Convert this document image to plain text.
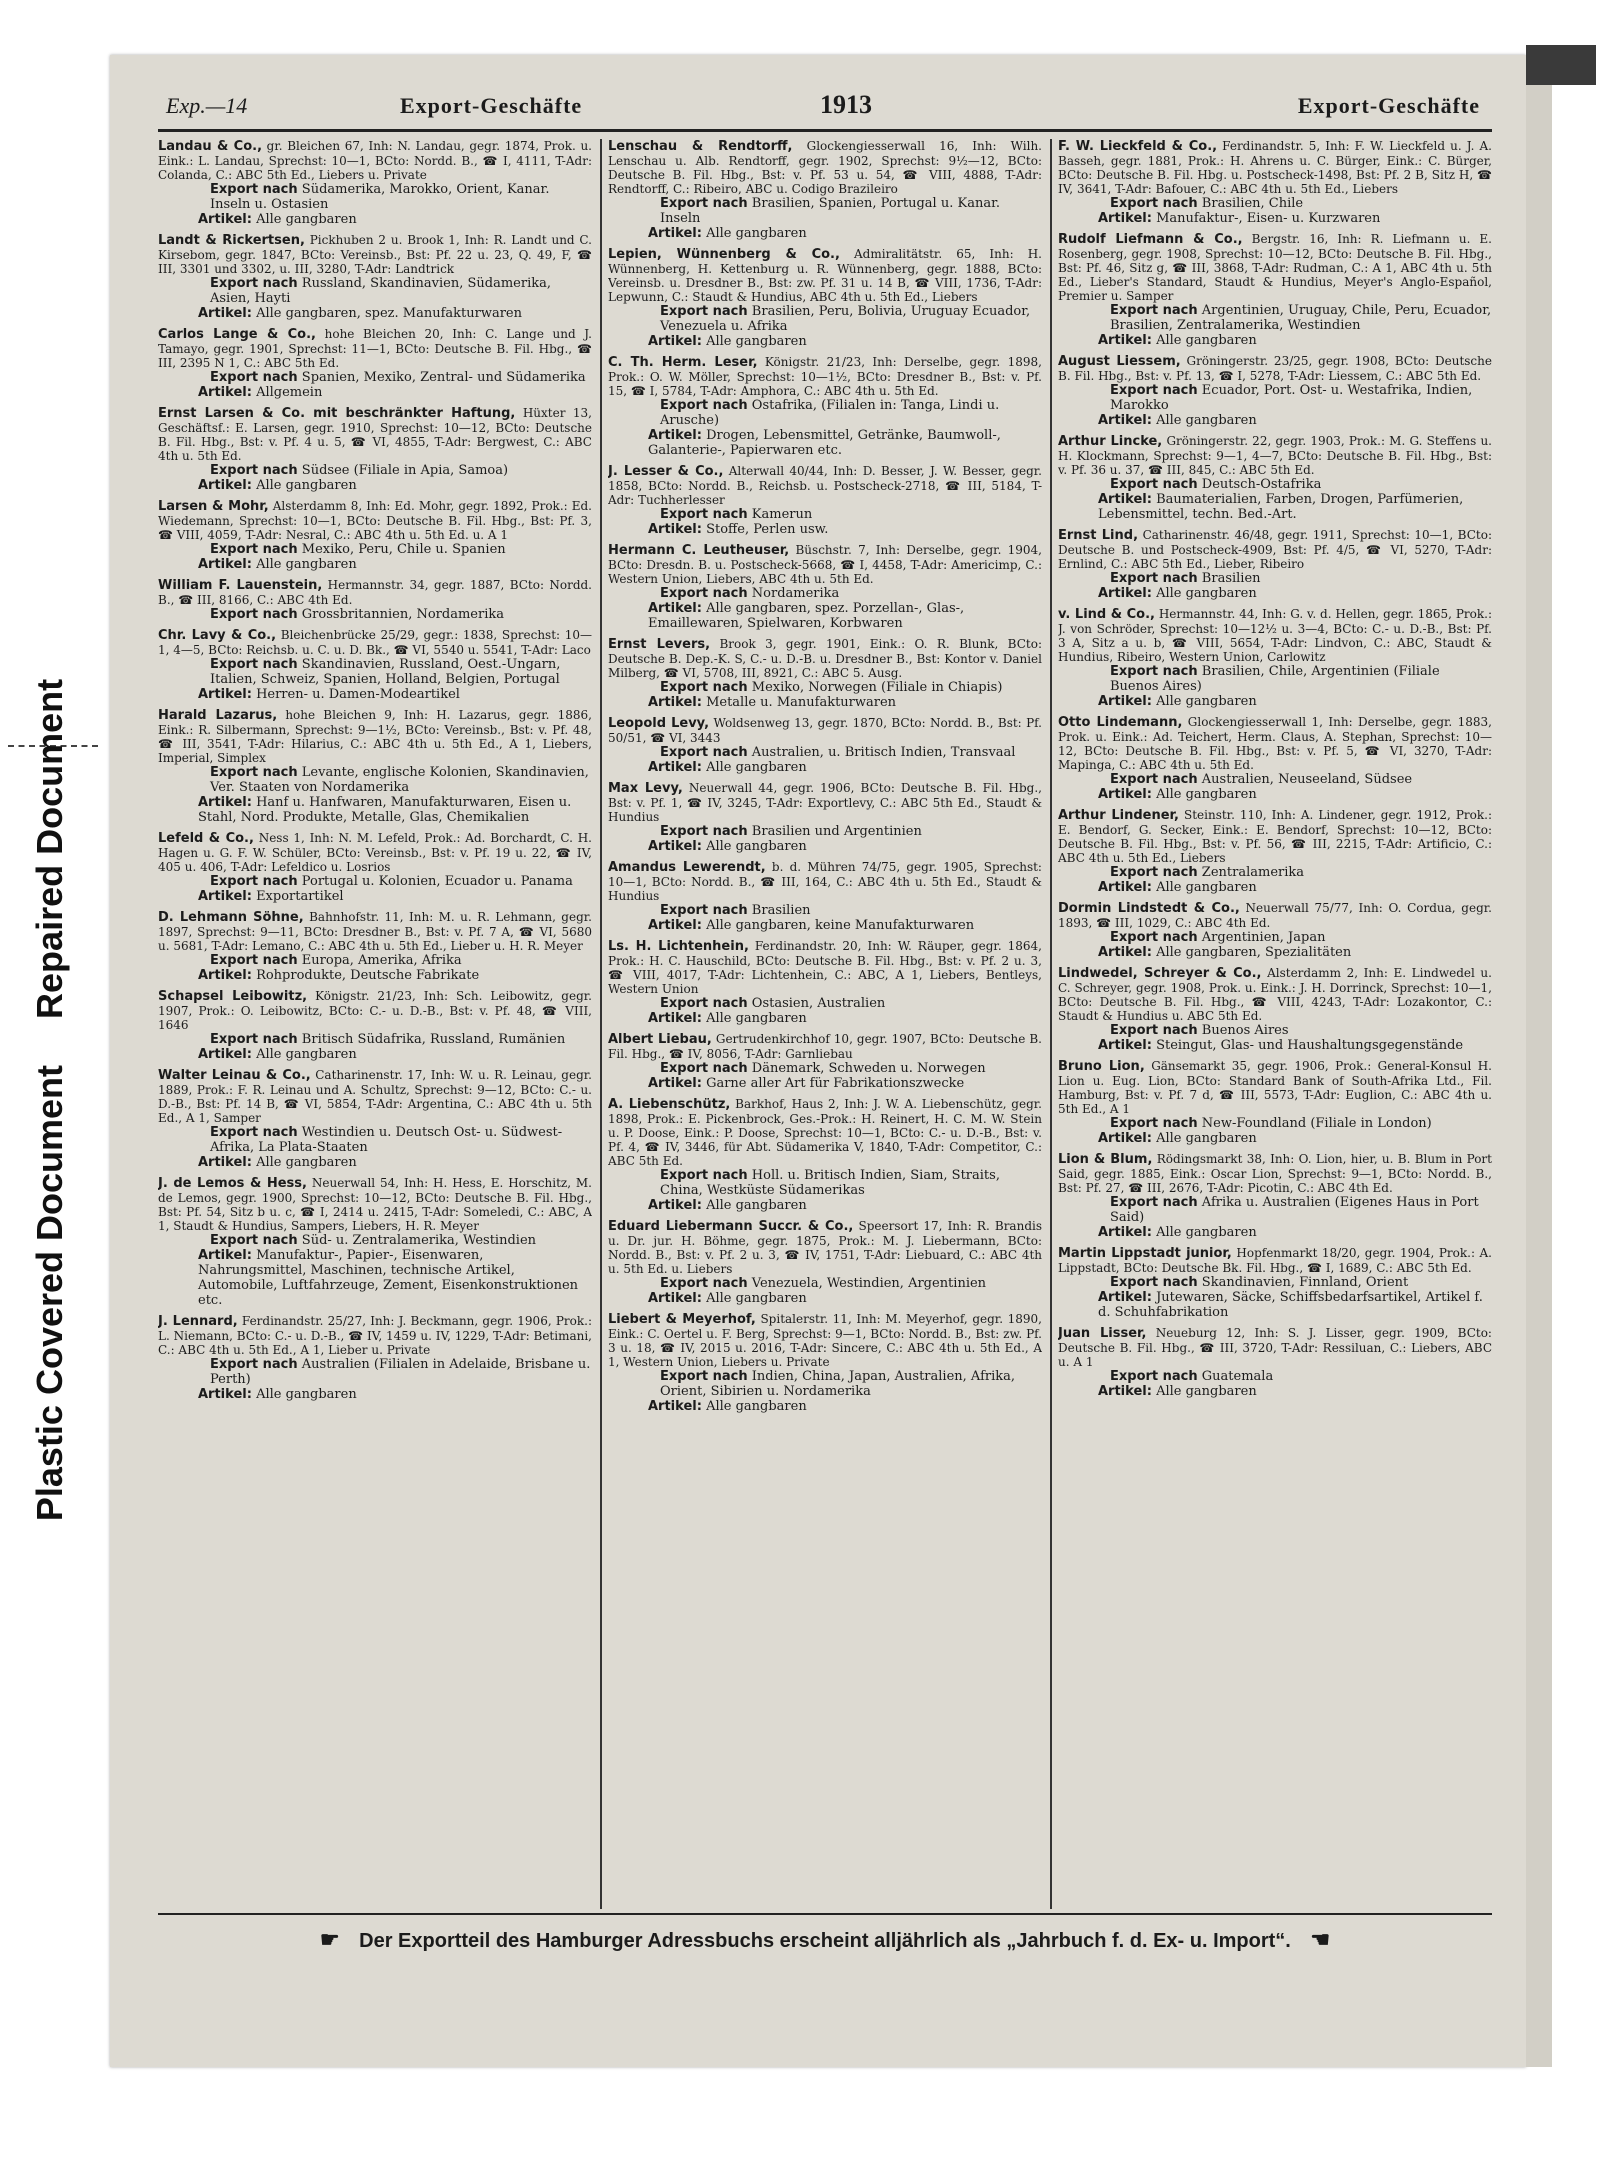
Plastic Covered Document Repaired Document
Exp.—14	Export-Geschäfte	1913	Export-Geschäfte
Landau & Co., gr. Bleichen 67, Inh: N. Landau, gegr. 1874, Prok. u. Eink.: L. Landau, Sprechst: 10—1, BCto: Nordd. B., ☎ I, 4111, T-Adr: Colanda, C.: ABC 5th Ed., Liebers u. Private
Export nach Südamerika, Marokko, Orient, Kanar. Inseln u. Ostasien
Artikel: Alle gangbaren
Landt & Rickertsen, Pickhuben 2 u. Brook 1, Inh: R. Landt und C. Kirsebom, gegr. 1847, BCto: Vereinsb., Bst: Pf. 22 u. 23, Q. 49, F, ☎ III, 3301 und 3302, u. III, 3280, T-Adr: Landtrick
Export nach Russland, Skandinavien, Südamerika, Asien, Hayti
Artikel: Alle gangbaren, spez. Manufakturwaren
Carlos Lange & Co., hohe Bleichen 20, Inh: C. Lange und J. Tamayo, gegr. 1901, Sprechst: 11—1, BCto: Deutsche B. Fil. Hbg., ☎ III, 2395 N 1, C.: ABC 5th Ed.
Export nach Spanien, Mexiko, Zentral- und Südamerika
Artikel: Allgemein
Ernst Larsen & Co. mit beschränkter Haftung, Hüxter 13, Geschäftsf.: E. Larsen, gegr. 1910, Sprechst: 10—12, BCto: Deutsche B. Fil. Hbg., Bst: v. Pf. 4 u. 5, ☎ VI, 4855, T-Adr: Bergwest, C.: ABC 4th u. 5th Ed.
Export nach Südsee (Filiale in Apia, Samoa)
Artikel: Alle gangbaren
Larsen & Mohr, Alsterdamm 8, Inh: Ed. Mohr, gegr. 1892, Prok.: Ed. Wiedemann, Sprechst: 10—1, BCto: Deutsche B. Fil. Hbg., Bst: Pf. 3, ☎ VIII, 4059, T-Adr: Nesral, C.: ABC 4th u. 5th Ed. u. A 1
Export nach Mexiko, Peru, Chile u. Spanien
Artikel: Alle gangbaren
William F. Lauenstein, Hermannstr. 34, gegr. 1887, BCto: Nordd. B., ☎ III, 8166, C.: ABC 4th Ed.
Export nach Grossbritannien, Nordamerika
Chr. Lavy & Co., Bleichenbrücke 25/29, gegr.: 1838, Sprechst: 10—1, 4—5, BCto: Reichsb. u. C. u. D. Bk., ☎ VI, 5540 u. 5541, T-Adr: Laco
Export nach Skandinavien, Russland, Oest.-Ungarn, Italien, Schweiz, Spanien, Holland, Belgien, Portugal
Artikel: Herren- u. Damen-Modeartikel
Harald Lazarus, hohe Bleichen 9, Inh: H. Lazarus, gegr. 1886, Eink.: R. Silbermann, Sprechst: 9—1½, BCto: Vereinsb., Bst: v. Pf. 48, ☎ III, 3541, T-Adr: Hilarius, C.: ABC 4th u. 5th Ed., A 1, Liebers, Imperial, Simplex
Export nach Levante, englische Kolonien, Skandinavien, Ver. Staaten von Nordamerika
Artikel: Hanf u. Hanfwaren, Manufakturwaren, Eisen u. Stahl, Nord. Produkte, Metalle, Glas, Chemikalien
Lefeld & Co., Ness 1, Inh: N. M. Lefeld, Prok.: Ad. Borchardt, C. H. Hagen u. G. F. W. Schüler, BCto: Vereinsb., Bst: v. Pf. 19 u. 22, ☎ IV, 405 u. 406, T-Adr: Lefeldico u. Losrios
Export nach Portugal u. Kolonien, Ecuador u. Panama
Artikel: Exportartikel
D. Lehmann Söhne, Bahnhofstr. 11, Inh: M. u. R. Lehmann, gegr. 1897, Sprechst: 9—11, BCto: Dresdner B., Bst: v. Pf. 7 A, ☎ VI, 5680 u. 5681, T-Adr: Lemano, C.: ABC 4th u. 5th Ed., Lieber u. H. R. Meyer
Export nach Europa, Amerika, Afrika
Artikel: Rohprodukte, Deutsche Fabrikate
Schapsel Leibowitz, Königstr. 21/23, Inh: Sch. Leibowitz, gegr. 1907, Prok.: O. Leibowitz, BCto: C.- u. D.-B., Bst: v. Pf. 48, ☎ VIII, 1646
Export nach Britisch Südafrika, Russland, Rumänien
Artikel: Alle gangbaren
Walter Leinau & Co., Catharinenstr. 17, Inh: W. u. R. Leinau, gegr. 1889, Prok.: F. R. Leinau und A. Schultz, Sprechst: 9—12, BCto: C.- u. D.-B., Bst: Pf. 14 B, ☎ VI, 5854, T-Adr: Argentina, C.: ABC 4th u. 5th Ed., A 1, Samper
Export nach Westindien u. Deutsch Ost- u. Südwest-Afrika, La Plata-Staaten
Artikel: Alle gangbaren
J. de Lemos & Hess, Neuerwall 54, Inh: H. Hess, E. Horschitz, M. de Lemos, gegr. 1900, Sprechst: 10—12, BCto: Deutsche B. Fil. Hbg., Bst: Pf. 54, Sitz b u. c, ☎ I, 2414 u. 2415, T-Adr: Someledi, C.: ABC, A 1, Staudt & Hundius, Sampers, Liebers, H. R. Meyer
Export nach Süd- u. Zentralamerika, Westindien
Artikel: Manufaktur-, Papier-, Eisenwaren, Nahrungsmittel, Maschinen, technische Artikel, Automobile, Luftfahrzeuge, Zement, Eisenkonstruktionen etc.
J. Lennard, Ferdinandstr. 25/27, Inh: J. Beckmann, gegr. 1906, Prok.: L. Niemann, BCto: C.- u. D.-B., ☎ IV, 1459 u. IV, 1229, T-Adr: Betimani, C.: ABC 4th u. 5th Ed., A 1, Lieber u. Private
Export nach Australien (Filialen in Adelaide, Brisbane u. Perth)
Artikel: Alle gangbaren
Lenschau & Rendtorff, Glockengiesserwall 16, Inh: Wilh. Lenschau u. Alb. Rendtorff, gegr. 1902, Sprechst: 9½—12, BCto: Deutsche B. Fil. Hbg., Bst: v. Pf. 53 u. 54, ☎ VIII, 4888, T-Adr: Rendtorff, C.: Ribeiro, ABC u. Codigo Brazileiro
Export nach Brasilien, Spanien, Portugal u. Kanar. Inseln
Artikel: Alle gangbaren
Lepien, Wünnenberg & Co., Admiralitätstr. 65, Inh: H. Wünnenberg, H. Kettenburg u. R. Wünnenberg, gegr. 1888, BCto: Vereinsb. u. Dresdner B., Bst: zw. Pf. 31 u. 14 B, ☎ VIII, 1736, T-Adr: Lepwunn, C.: Staudt & Hundius, ABC 4th u. 5th Ed., Liebers
Export nach Brasilien, Peru, Bolivia, Uruguay Ecuador, Venezuela u. Afrika
Artikel: Alle gangbaren
C. Th. Herm. Leser, Königstr. 21/23, Inh: Derselbe, gegr. 1898, Prok.: O. W. Möller, Sprechst: 10—1½, BCto: Dresdner B., Bst: v. Pf. 15, ☎ I, 5784, T-Adr: Amphora, C.: ABC 4th u. 5th Ed.
Export nach Ostafrika, (Filialen in: Tanga, Lindi u. Arusche)
Artikel: Drogen, Lebensmittel, Getränke, Baumwoll-, Galanterie-, Papierwaren etc.
J. Lesser & Co., Alterwall 40/44, Inh: D. Besser, J. W. Besser, gegr. 1858, BCto: Nordd. B., Reichsb. u. Postscheck-2718, ☎ III, 5184, T-Adr: Tuchherlesser
Export nach Kamerun
Artikel: Stoffe, Perlen usw.
Hermann C. Leutheuser, Büschstr. 7, Inh: Derselbe, gegr. 1904, BCto: Dresdn. B. u. Postscheck-5668, ☎ I, 4458, T-Adr: Americimp, C.: Western Union, Liebers, ABC 4th u. 5th Ed.
Export nach Nordamerika
Artikel: Alle gangbaren, spez. Porzellan-, Glas-, Emaillewaren, Spielwaren, Korbwaren
Ernst Levers, Brook 3, gegr. 1901, Eink.: O. R. Blunk, BCto: Deutsche B. Dep.-K. S, C.- u. D.-B. u. Dresdner B., Bst: Kontor v. Daniel Milberg, ☎ VI, 5708, III, 8921, C.: ABC 5. Ausg.
Export nach Mexiko, Norwegen (Filiale in Chiapis)
Artikel: Metalle u. Manufakturwaren
Leopold Levy, Woldsenweg 13, gegr. 1870, BCto: Nordd. B., Bst: Pf. 50/51, ☎ VI, 3443
Export nach Australien, u. Britisch Indien, Transvaal
Artikel: Alle gangbaren
Max Levy, Neuerwall 44, gegr. 1906, BCto: Deutsche B. Fil. Hbg., Bst: v. Pf. 1, ☎ IV, 3245, T-Adr: Exportlevy, C.: ABC 5th Ed., Staudt & Hundius
Export nach Brasilien und Argentinien
Artikel: Alle gangbaren
Amandus Lewerendt, b. d. Mühren 74/75, gegr. 1905, Sprechst: 10—1, BCto: Nordd. B., ☎ III, 164, C.: ABC 4th u. 5th Ed., Staudt & Hundius
Export nach Brasilien
Artikel: Alle gangbaren, keine Manufakturwaren
Ls. H. Lichtenhein, Ferdinandstr. 20, Inh: W. Räuper, gegr. 1864, Prok.: H. C. Hauschild, BCto: Deutsche B. Fil. Hbg., Bst: v. Pf. 2 u. 3, ☎ VIII, 4017, T-Adr: Lichtenhein, C.: ABC, A 1, Liebers, Bentleys, Western Union
Export nach Ostasien, Australien
Artikel: Alle gangbaren
Albert Liebau, Gertrudenkirchhof 10, gegr. 1907, BCto: Deutsche B. Fil. Hbg., ☎ IV, 8056, T-Adr: Garnliebau
Export nach Dänemark, Schweden u. Norwegen
Artikel: Garne aller Art für Fabrikationszwecke
A. Liebenschütz, Barkhof, Haus 2, Inh: J. W. A. Liebenschütz, gegr. 1898, Prok.: E. Pickenbrock, Ges.-Prok.: H. Reinert, H. C. M. W. Stein u. P. Doose, Eink.: P. Doose, Sprechst: 10—1, BCto: C.- u. D.-B., Bst: v. Pf. 4, ☎ IV, 3446, für Abt. Südamerika V, 1840, T-Adr: Competitor, C.: ABC 5th Ed.
Export nach Holl. u. Britisch Indien, Siam, Straits, China, Westküste Südamerikas
Artikel: Alle gangbaren
Eduard Liebermann Succr. & Co., Speersort 17, Inh: R. Brandis u. Dr. jur. H. Böhme, gegr. 1875, Prok.: M. J. Liebermann, BCto: Nordd. B., Bst: v. Pf. 2 u. 3, ☎ IV, 1751, T-Adr: Liebuard, C.: ABC 4th u. 5th Ed. u. Liebers
Export nach Venezuela, Westindien, Argentinien
Artikel: Alle gangbaren
Liebert & Meyerhof, Spitalerstr. 11, Inh: M. Meyerhof, gegr. 1890, Eink.: C. Oertel u. F. Berg, Sprechst: 9—1, BCto: Nordd. B., Bst: zw. Pf. 3 u. 18, ☎ IV, 2015 u. 2016, T-Adr: Sincere, C.: ABC 4th u. 5th Ed., A 1, Western Union, Liebers u. Private
Export nach Indien, China, Japan, Australien, Afrika, Orient, Sibirien u. Nordamerika
Artikel: Alle gangbaren
F. W. Lieckfeld & Co., Ferdinandstr. 5, Inh: F. W. Lieckfeld u. J. A. Basseh, gegr. 1881, Prok.: H. Ahrens u. C. Bürger, Eink.: C. Bürger, BCto: Deutsche B. Fil. Hbg. u. Postscheck-1498, Bst: Pf. 2 B, Sitz H, ☎ IV, 3641, T-Adr: Bafouer, C.: ABC 4th u. 5th Ed., Liebers
Export nach Brasilien, Chile
Artikel: Manufaktur-, Eisen- u. Kurzwaren
Rudolf Liefmann & Co., Bergstr. 16, Inh: R. Liefmann u. E. Rosenberg, gegr. 1908, Sprechst: 10—12, BCto: Deutsche B. Fil. Hbg., Bst: Pf. 46, Sitz g, ☎ III, 3868, T-Adr: Rudman, C.: A 1, ABC 4th u. 5th Ed., Lieber's Standard, Staudt & Hundius, Meyer's Anglo-Español, Premier u. Samper
Export nach Argentinien, Uruguay, Chile, Peru, Ecuador, Brasilien, Zentralamerika, Westindien
Artikel: Alle gangbaren
August Liessem, Gröningerstr. 23/25, gegr. 1908, BCto: Deutsche B. Fil. Hbg., Bst: v. Pf. 13, ☎ I, 5278, T-Adr: Liessem, C.: ABC 5th Ed.
Export nach Ecuador, Port. Ost- u. Westafrika, Indien, Marokko
Artikel: Alle gangbaren
Arthur Lincke, Gröningerstr. 22, gegr. 1903, Prok.: M. G. Steffens u. H. Klockmann, Sprechst: 9—1, 4—7, BCto: Deutsche B. Fil. Hbg., Bst: v. Pf. 36 u. 37, ☎ III, 845, C.: ABC 5th Ed.
Export nach Deutsch-Ostafrika
Artikel: Baumaterialien, Farben, Drogen, Parfümerien, Lebensmittel, techn. Bed.-Art.
Ernst Lind, Catharinenstr. 46/48, gegr. 1911, Sprechst: 10—1, BCto: Deutsche B. und Postscheck-4909, Bst: Pf. 4/5, ☎ VI, 5270, T-Adr: Ernlind, C.: ABC 5th Ed., Lieber, Ribeiro
Export nach Brasilien
Artikel: Alle gangbaren
v. Lind & Co., Hermannstr. 44, Inh: G. v. d. Hellen, gegr. 1865, Prok.: J. von Schröder, Sprechst: 10—12½ u. 3—4, BCto: C.- u. D.-B., Bst: Pf. 3 A, Sitz a u. b, ☎ VIII, 5654, T-Adr: Lindvon, C.: ABC, Staudt & Hundius, Ribeiro, Western Union, Carlowitz
Export nach Brasilien, Chile, Argentinien (Filiale Buenos Aires)
Artikel: Alle gangbaren
Otto Lindemann, Glockengiesserwall 1, Inh: Derselbe, gegr. 1883, Prok. u. Eink.: Ad. Teichert, Herm. Claus, A. Stephan, Sprechst: 10—12, BCto: Deutsche B. Fil. Hbg., Bst: v. Pf. 5, ☎ VI, 3270, T-Adr: Mapinga, C.: ABC 4th u. 5th Ed.
Export nach Australien, Neuseeland, Südsee
Artikel: Alle gangbaren
Arthur Lindener, Steinstr. 110, Inh: A. Lindener, gegr. 1912, Prok.: E. Bendorf, G. Secker, Eink.: E. Bendorf, Sprechst: 10—12, BCto: Deutsche B. Fil. Hbg., Bst: v. Pf. 56, ☎ III, 2215, T-Adr: Artificio, C.: ABC 4th u. 5th Ed., Liebers
Export nach Zentralamerika
Artikel: Alle gangbaren
Dormin Lindstedt & Co., Neuerwall 75/77, Inh: O. Cordua, gegr. 1893, ☎ III, 1029, C.: ABC 4th Ed.
Export nach Argentinien, Japan
Artikel: Alle gangbaren, Spezialitäten
Lindwedel, Schreyer & Co., Alsterdamm 2, Inh: E. Lindwedel u. C. Schreyer, gegr. 1908, Prok. u. Eink.: J. H. Dorrinck, Sprechst: 10—1, BCto: Deutsche B. Fil. Hbg., ☎ VIII, 4243, T-Adr: Lozakontor, C.: Staudt & Hundius u. ABC 5th Ed.
Export nach Buenos Aires
Artikel: Steingut, Glas- und Haushaltungsgegenstände
Bruno Lion, Gänsemarkt 35, gegr. 1906, Prok.: General-Konsul H. Lion u. Eug. Lion, BCto: Standard Bank of South-Afrika Ltd., Fil. Hamburg, Bst: v. Pf. 7 d, ☎ III, 5573, T-Adr: Euglion, C.: ABC 4th u. 5th Ed., A 1
Export nach New-Foundland (Filiale in London)
Artikel: Alle gangbaren
Lion & Blum, Rödingsmarkt 38, Inh: O. Lion, hier, u. B. Blum in Port Said, gegr. 1885, Eink.: Oscar Lion, Sprechst: 9—1, BCto: Nordd. B., Bst: Pf. 27, ☎ III, 2676, T-Adr: Picotin, C.: ABC 4th Ed.
Export nach Afrika u. Australien (Eigenes Haus in Port Said)
Artikel: Alle gangbaren
Martin Lippstadt junior, Hopfenmarkt 18/20, gegr. 1904, Prok.: A. Lippstadt, BCto: Deutsche Bk. Fil. Hbg., ☎ I, 1689, C.: ABC 5th Ed.
Export nach Skandinavien, Finnland, Orient
Artikel: Jutewaren, Säcke, Schiffsbedarfsartikel, Artikel f. d. Schuhfabrikation
Juan Lisser, Neueburg 12, Inh: S. J. Lisser, gegr. 1909, BCto: Deutsche B. Fil. Hbg., ☎ III, 3720, T-Adr: Ressiluan, C.: Liebers, ABC u. A 1
Export nach Guatemala
Artikel: Alle gangbaren
☛ Der Exportteil des Hamburger Adressbuchs erscheint alljährlich als „Jahrbuch f. d. Ex- u. Import“. ☚
